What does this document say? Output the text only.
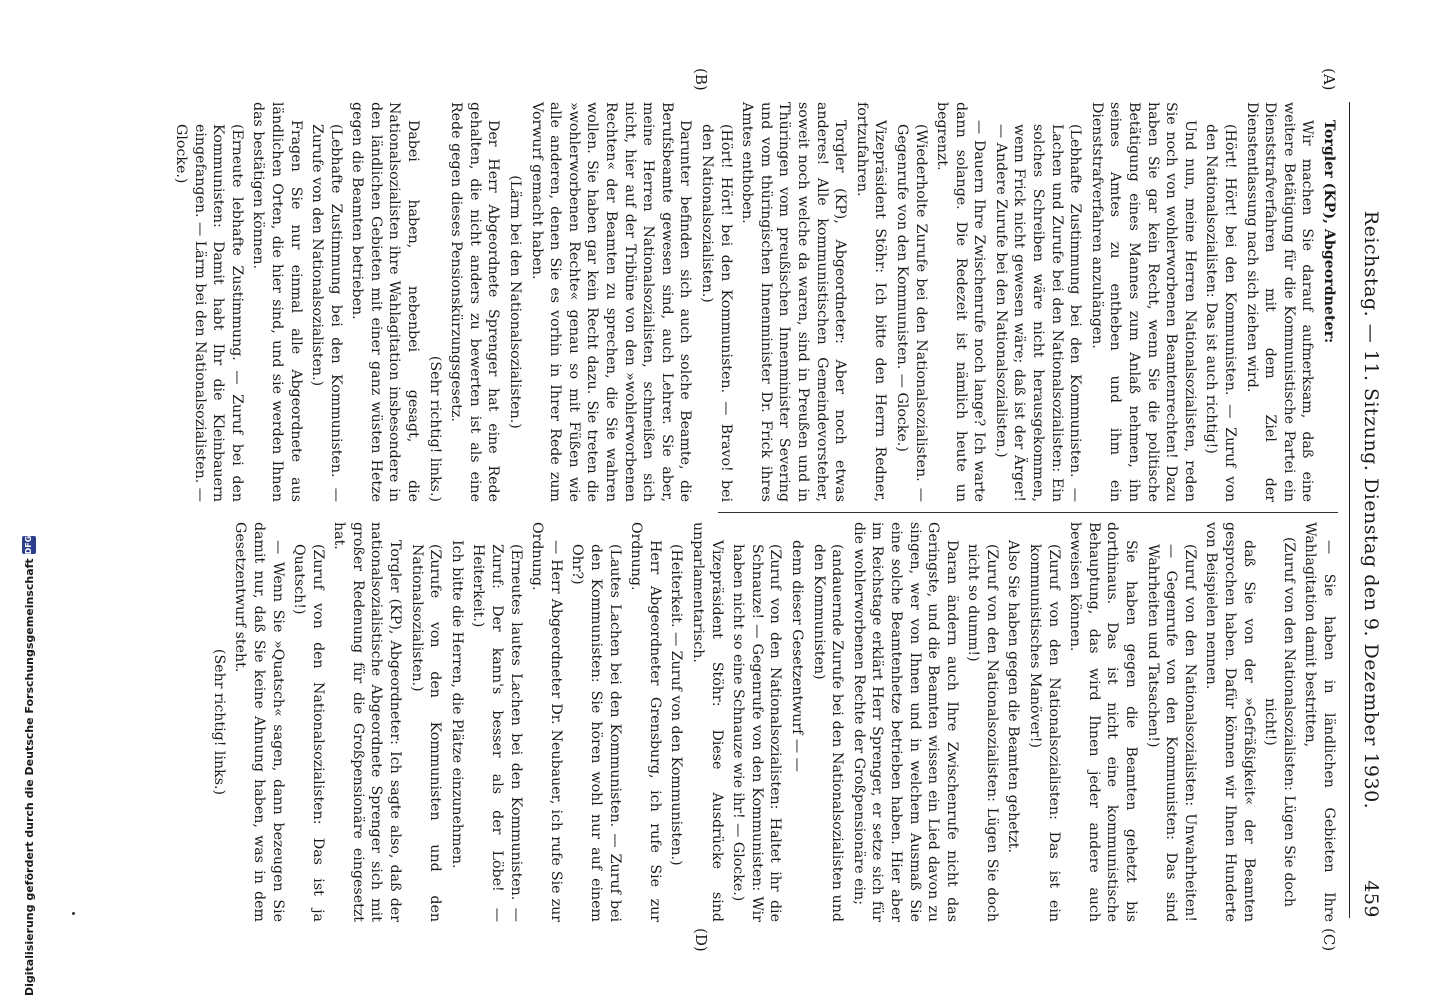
Reichstag. — 11. Sitzung. Dienstag den 9. Dezember 1930.
459
(A)
(B)
(C)
(D)

Torgler (KP), Abgeordneter:

Wir machen Sie darauf aufmerksam, daß eine weitere Betätigung für die Kommunistische Partei ein Dienststrafverfahren mit dem Ziel der Dienstentlassung nach sich ziehen wird.

(Hört! Hört! bei den Kommunisten. — Zuruf von den Nationalsozialisten: Das ist auch richtig!)

Und nun, meine Herren Nationalsozialisten, reden Sie noch von wohlerworbenen Beamtenrechten! Dazu haben Sie gar kein Recht, wenn Sie die politische Betätigung eines Mannes zum Anlaß nehmen, ihn seines Amtes zu entheben und ihm ein Dienststrafverfahren anzuhängen.

(Lebhafte Zustimmung bei den Kommunisten. — Lachen und Zurufe bei den Nationalsozialisten: Ein solches Schreiben wäre nicht herausgekommen, wenn Frick nicht gewesen wäre; daß ist der Ärger! — Andere Zurufe bei den Nationalsozialisten.)

— Dauern Ihre Zwischenrufe noch lange? Ich warte dann solange. Die Redezeit ist nämlich heute un begrenzt.

(Wiederholte Zurufe bei den Nationalsozialisten. — Gegenrufe von den Kommunisten. — Glocke.)

Vizepräsident Stöhr: Ich bitte den Herrn Redner, fortzufahren.

Torgler (KP), Abgeordneter: Aber noch etwas anderes! Alle kommunistischen Gemeindevorsteher, soweit noch welche da waren, sind in Preußen und in Thüringen vom preußischen Innenminister Severing und vom thüringischen Innenminister Dr. Frick ihres Amtes enthoben.

(Hört! Hört! bei den Kommunisten. — Bravo! bei den Nationalsozialisten.)

Darunter befinden sich auch solche Beamte, die Berufsbeamte gewesen sind, auch Lehrer. Sie aber, meine Herren Nationalsozialisten, schmeißen sich nicht, hier auf der Tribüne von den »wohlerworbenen Rechten« der Beamten zu sprechen, die Sie wahren wollen. Sie haben gar kein Recht dazu. Sie treten die »wohlerworbenen Rechte« genau so mit Füßen wie alle anderen, denen Sie es vorhin in Ihrer Rede zum Vorwurf gemacht haben.

(Lärm bei den Nationalsozialisten.)

Der Herr Abgeordnete Sprenger hat eine Rede gehalten, die nicht anders zu bewerten ist als eine Rede gegen dieses Pensionskürzungsgesetz.

(Sehr richtig! links.)

Dabei haben, nebenbei gesagt, die Nationalsozialisten ihre Wahlagitation insbesondere in den ländlichen Gebieten mit einer ganz wüsten Hetze gegen die Beamten betrieben.

(Lebhafte Zustimmung bei den Kommunisten. — Zurufe von den Nationalsozialisten.)

Fragen Sie nur einmal alle Abgeordnete aus ländlichen Orten, die hier sind, und sie werden Ihnen das bestätigen können.

(Erneute lebhafte Zustimmung. — Zuruf bei den Kommunisten: Damit habt Ihr die Kleinbauern eingefangen. — Lärm bei den Nationalsozialisten. — Glocke.)

— Sie haben in ländlichen Gebieten Ihre Wahlagitation damit bestritten,

(Zuruf von den Nationalsozialisten: Lügen Sie doch nicht!)

daß Sie von der »Gefräßigkeit« der Beamten gesprochen haben. Dafür können wir Ihnen Hunderte von Beispielen nennen.

(Zuruf von den Nationalsozialisten: Unwahrheiten! — Gegenrufe von den Kommunisten: Das sind Wahrheiten und Tatsachen!)

Sie haben gegen die Beamten gehetzt bis dorthinaus. Das ist nicht eine kommunistische Behauptung, das wird Ihnen jeder andere auch beweisen können.

(Zuruf von den Nationalsozialisten: Das ist ein kommunistisches Manöver!)

Also Sie haben gegen die Beamten gehetzt.

(Zuruf von den Nationalsozialisten: Lügen Sie doch nicht so dumm!)

Daran ändern auch Ihre Zwischenrufe nicht das Geringste, und die Beamten wissen ein Lied davon zu singen, wer von Ihnen und in welchem Ausmaß Sie eine solche Beamtenhetze betrieben haben. Hier aber im Reichstage erklärt Herr Sprenger, er setze sich für die wohlerworbenen Rechte der Großpensionäre ein;

(andauernde Zurufe bei den Nationalsozialisten und den Kommunisten)

denn dieser Gesetzentwurf — —

(Zuruf von den Nationalsozialisten: Haltet ihr die Schnauze! — Gegenrufe von den Kommunisten: Wir haben nicht so eine Schnauze wie ihr! — Glocke.)

Vizepräsident Stöhr: Diese Ausdrücke sind unparlamentarisch.

(Heiterkeit. — Zuruf von den Kommunisten.)

Herr Abgeordneter Grensburg, ich rufe Sie zur Ordnung.

(Lautes Lachen bei den Kommunisten. — Zuruf bei den Kommunisten: Sie hören wohl nur auf einem Ohr?)

— Herr Abgeordneter Dr. Neubauer, ich rufe Sie zur Ordnung.

(Erneutes lautes Lachen bei den Kommunisten. — Zuruf: Der kann's besser als der Löbe! — Heiterkeit.)

Ich bitte die Herren, die Plätze einzunehmen.

(Zurufe von den Kommunisten und den Nationalsozialisten.)

Torgler (KP), Abgeordneter: Ich sagte also, daß der nationalsozialistische Abgeordnete Sprenger sich mit großer Redenung für die Großpensionäre eingesetzt hat.

(Zuruf von den Nationalsozialisten: Das ist ja Quatsch!)

— Wenn Sie »Quatsch« sagen, dann bezeugen Sie damit nur, daß Sie keine Ahnung haben, was in dem Gesetzentwurf steht.

(Sehr richtig! links.)

Digitalisierung gefördert durch die Deutsche Forschungsgemeinschaft
DFG
